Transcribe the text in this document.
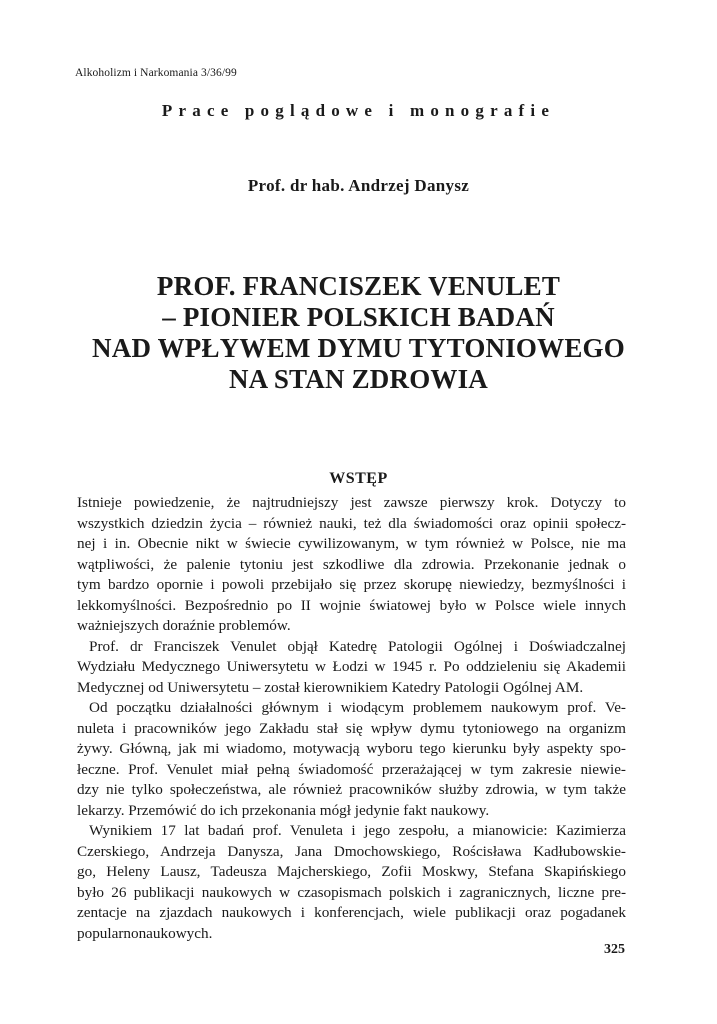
Alkoholizm i Narkomania 3/36/99
Prace poglądowe i monografie
Prof. dr hab. Andrzej Danysz
PROF. FRANCISZEK VENULET
– PIONIER POLSKICH BADAŃ
NAD WPŁYWEM DYMU TYTONIOWEGO
NA STAN ZDROWIA
WSTĘP
Istnieje powiedzenie, że najtrudniejszy jest zawsze pierwszy krok. Dotyczy to
wszystkich dziedzin życia – również nauki, też dla świadomości oraz opinii społecz-
nej i in. Obecnie nikt w świecie cywilizowanym, w tym również w Polsce, nie ma
wątpliwości, że palenie tytoniu jest szkodliwe dla zdrowia. Przekonanie jednak o
tym bardzo opornie i powoli przebijało się przez skorupę niewiedzy, bezmyślności i
lekkomyślności. Bezpośrednio po II wojnie światowej było w Polsce wiele innych
ważniejszych doraźnie problemów.
Prof. dr Franciszek Venulet objął Katedrę Patologii Ogólnej i Doświadczalnej
Wydziału Medycznego Uniwersytetu w Łodzi w 1945 r. Po oddzieleniu się Akademii
Medycznej od Uniwersytetu – został kierownikiem Katedry Patologii Ogólnej AM.
Od początku działalności głównym i wiodącym problemem naukowym prof. Ve-
nuleta i pracowników jego Zakładu stał się wpływ dymu tytoniowego na organizm
żywy. Główną, jak mi wiadomo, motywacją wyboru tego kierunku były aspekty spo-
łeczne. Prof. Venulet miał pełną świadomość przerażającej w tym zakresie niewie-
dzy nie tylko społeczeństwa, ale również pracowników służby zdrowia, w tym także
lekarzy. Przemówić do ich przekonania mógł jedynie fakt naukowy.
Wynikiem 17 lat badań prof. Venuleta i jego zespołu, a mianowicie: Kazimierza
Czerskiego, Andrzeja Danysza, Jana Dmochowskiego, Rościsława Kadłubowskie-
go, Heleny Lausz, Tadeusza Majcherskiego, Zofii Moskwy, Stefana Skapińskiego
było 26 publikacji naukowych w czasopismach polskich i zagranicznych, liczne pre-
zentacje na zjazdach naukowych i konferencjach, wiele publikacji oraz pogadanek
popularnonaukowych.
325
